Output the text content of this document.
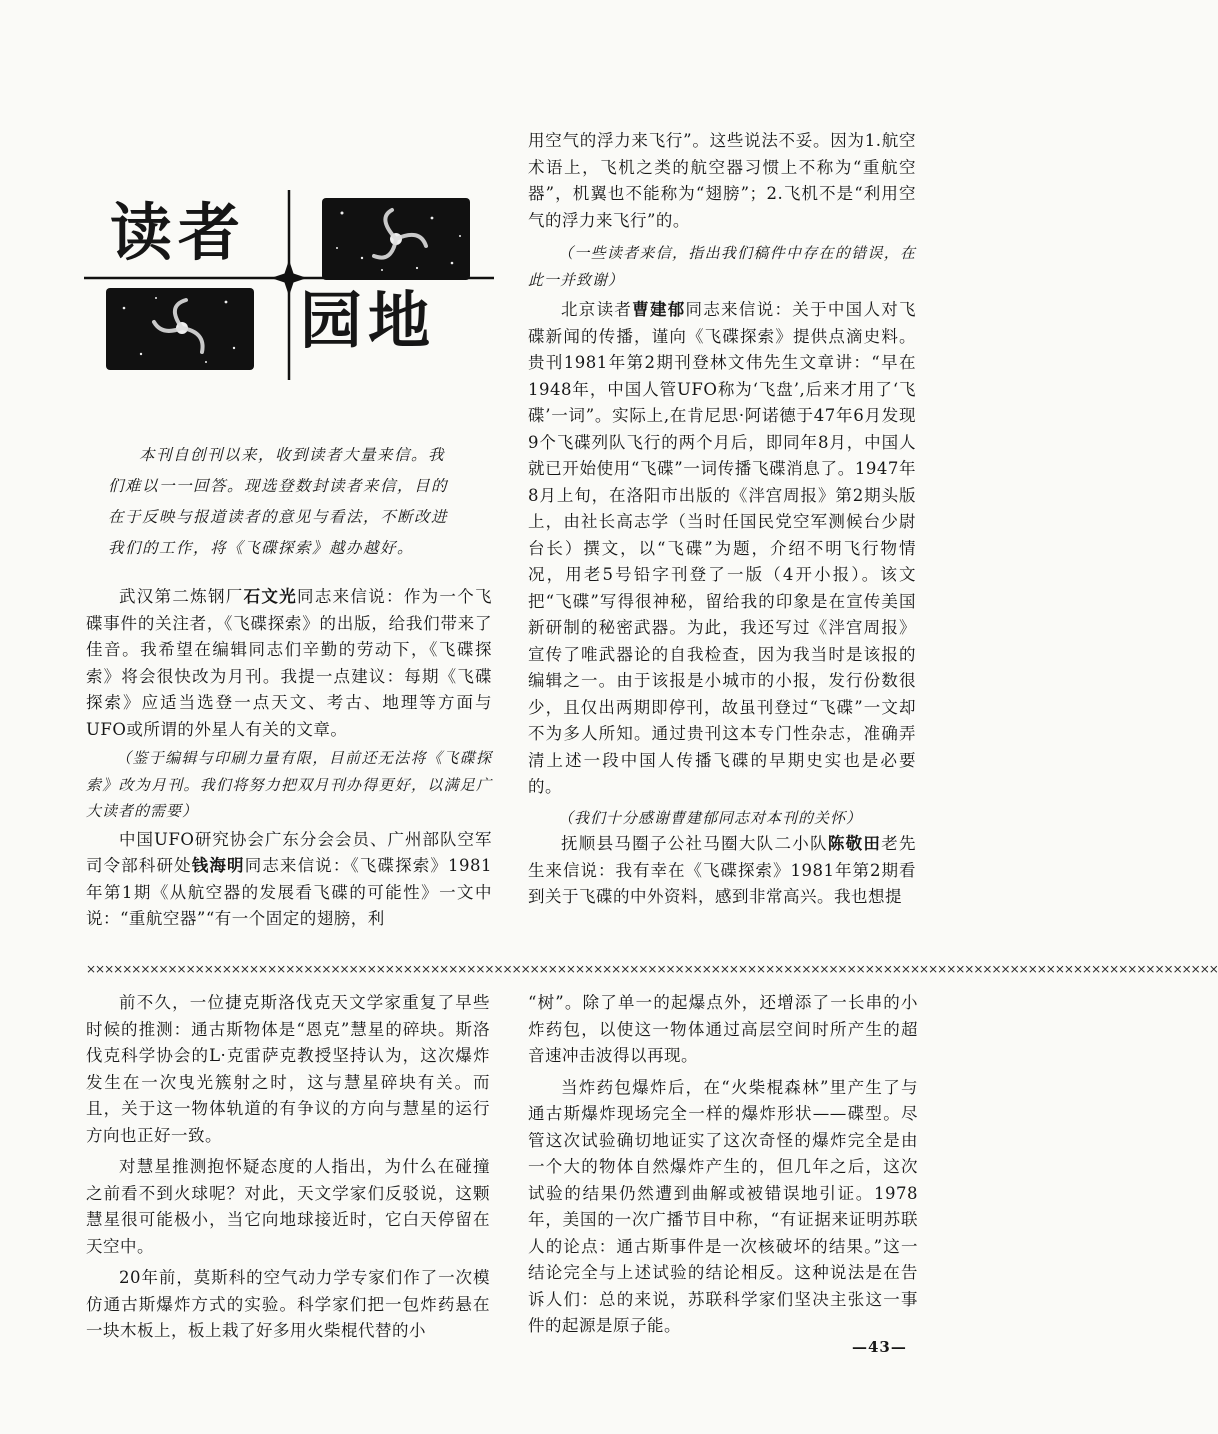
读者
园地

本刊自创刊以来，收到读者大量来信。我

们难以一一回答。现选登数封读者来信，目的

在于反映与报道读者的意见与看法，不断改进

我们的工作，将《飞碟探索》越办越好。

武汉第二炼钢厂石文光同志来信说：作为一个飞碟事件的关注者，《飞碟探索》的出版，给我们带来了佳音。我希望在编辑同志们辛勤的劳动下，《飞碟探索》将会很快改为月刊。我提一点建议：每期《飞碟探索》应适当选登一点天文、考古、地理等方面与UFO或所谓的外星人有关的文章。

（鉴于编辑与印刷力量有限，目前还无法将《飞碟探索》改为月刊。我们将努力把双月刊办得更好，以满足广大读者的需要）

中国UFO研究协会广东分会会员、广州部队空军司令部科研处钱海明同志来信说：《飞碟探索》1981年第1期《从航空器的发展看飞碟的可能性》一文中说：“重航空器”“有一个固定的翅膀，利

用空气的浮力来飞行”。这些说法不妥。因为1.航空术语上，飞机之类的航空器习惯上不称为“重航空器”，机翼也不能称为“翅膀”；2.飞机不是“利用空气的浮力来飞行”的。

（一些读者来信，指出我们稿件中存在的错误，在此一并致谢）

北京读者曹建郁同志来信说：关于中国人对飞碟新闻的传播，谨向《飞碟探索》提供点滴史料。贵刊1981年第2期刊登林文伟先生文章讲：“早在1948年，中国人管UFO称为‘飞盘’,后来才用了‘飞碟’一词”。实际上,在肯尼思·阿诺德于47年6月发现9个飞碟列队飞行的两个月后，即同年8月，中国人就已开始使用“飞碟”一词传播飞碟消息了。1947年8月上旬，在洛阳市出版的《泮宫周报》第2期头版上，由社长高志学（当时任国民党空军测候台少尉台长）撰文，以“飞碟”为题，介绍不明飞行物情况，用老5号铅字刊登了一版（4开小报）。该文把“飞碟”写得很神秘，留给我的印象是在宣传美国新研制的秘密武器。为此，我还写过《泮宫周报》宣传了唯武器论的自我检查，因为我当时是该报的编辑之一。由于该报是小城市的小报，发行份数很少，且仅出两期即停刊，故虽刊登过“飞碟”一文却不为多人所知。通过贵刊这本专门性杂志，准确弄清上述一段中国人传播飞碟的早期史实也是必要的。

（我们十分感谢曹建郁同志对本刊的关怀）

抚顺县马圈子公社马圈大队二小队陈敬田老先生来信说：我有幸在《飞碟探索》1981年第2期看到关于飞碟的中外资料，感到非常高兴。我也想提

×××××××××××××××××××××××××××××××××××××××××××××××××××××××××××××××××××××××××××××××××××××××××××××××××××××××××××××××××××××××××××××

前不久，一位捷克斯洛伐克天文学家重复了早些时候的推测：通古斯物体是“恩克”慧星的碎块。斯洛伐克科学协会的L·克雷萨克教授坚持认为，这次爆炸发生在一次曳光簇射之时，这与慧星碎块有关。而且，关于这一物体轨道的有争议的方向与慧星的运行方向也正好一致。

对慧星推测抱怀疑态度的人指出，为什么在碰撞之前看不到火球呢？对此，天文学家们反驳说，这颗慧星很可能极小，当它向地球接近时，它白天停留在天空中。

20年前，莫斯科的空气动力学专家们作了一次模仿通古斯爆炸方式的实验。科学家们把一包炸药悬在一块木板上，板上栽了好多用火柴棍代替的小

“树”。除了单一的起爆点外，还增添了一长串的小炸药包，以使这一物体通过高层空间时所产生的超音速冲击波得以再现。

当炸药包爆炸后，在“火柴棍森林”里产生了与通古斯爆炸现场完全一样的爆炸形状——碟型。尽管这次试验确切地证实了这次奇怪的爆炸完全是由一个大的物体自然爆炸产生的，但几年之后，这次试验的结果仍然遭到曲解或被错误地引证。1978年，美国的一次广播节目中称，“有证据来证明苏联人的论点：通古斯事件是一次核破坏的结果。”这一结论完全与上述试验的结论相反。这种说法是在告诉人们：总的来说，苏联科学家们坚决主张这一事件的起源是原子能。

—43—
